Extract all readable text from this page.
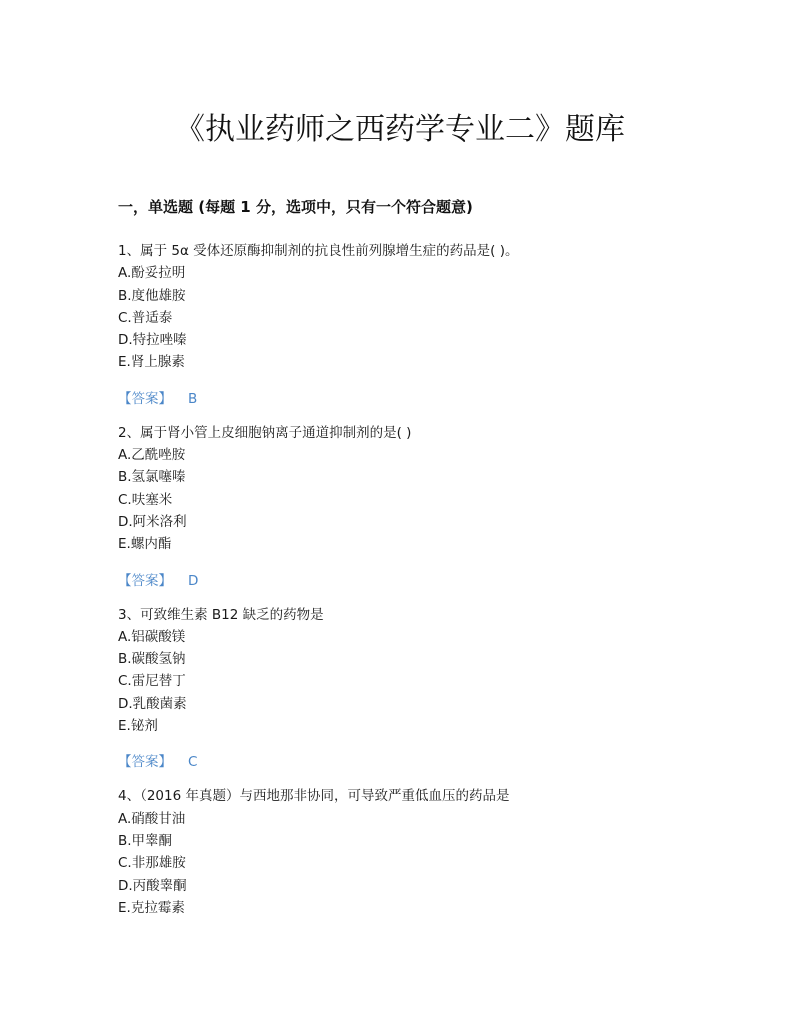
《执业药师之西药学专业二》题库
一，单选题 (每题 1 分，选项中，只有一个符合题意)
1、属于 5α 受体还原酶抑制剂的抗良性前列腺增生症的药品是( )。
A.酚妥拉明
B.度他雄胺
C.普适泰
D.特拉唑嗪
E.肾上腺素
【答案】 B
2、属于肾小管上皮细胞钠离子通道抑制剂的是( )
A.乙酰唑胺
B.氢氯噻嗪
C.呋塞米
D.阿米洛利
E.螺内酯
【答案】 D
3、可致维生素 B12 缺乏的药物是
A.铝碳酸镁
B.碳酸氢钠
C.雷尼替丁
D.乳酸菌素
E.铋剂
【答案】 C
4、（2016 年真题）与西地那非协同，可导致严重低血压的药品是
A.硝酸甘油
B.甲睾酮
C.非那雄胺
D.丙酸睾酮
E.克拉霉素
